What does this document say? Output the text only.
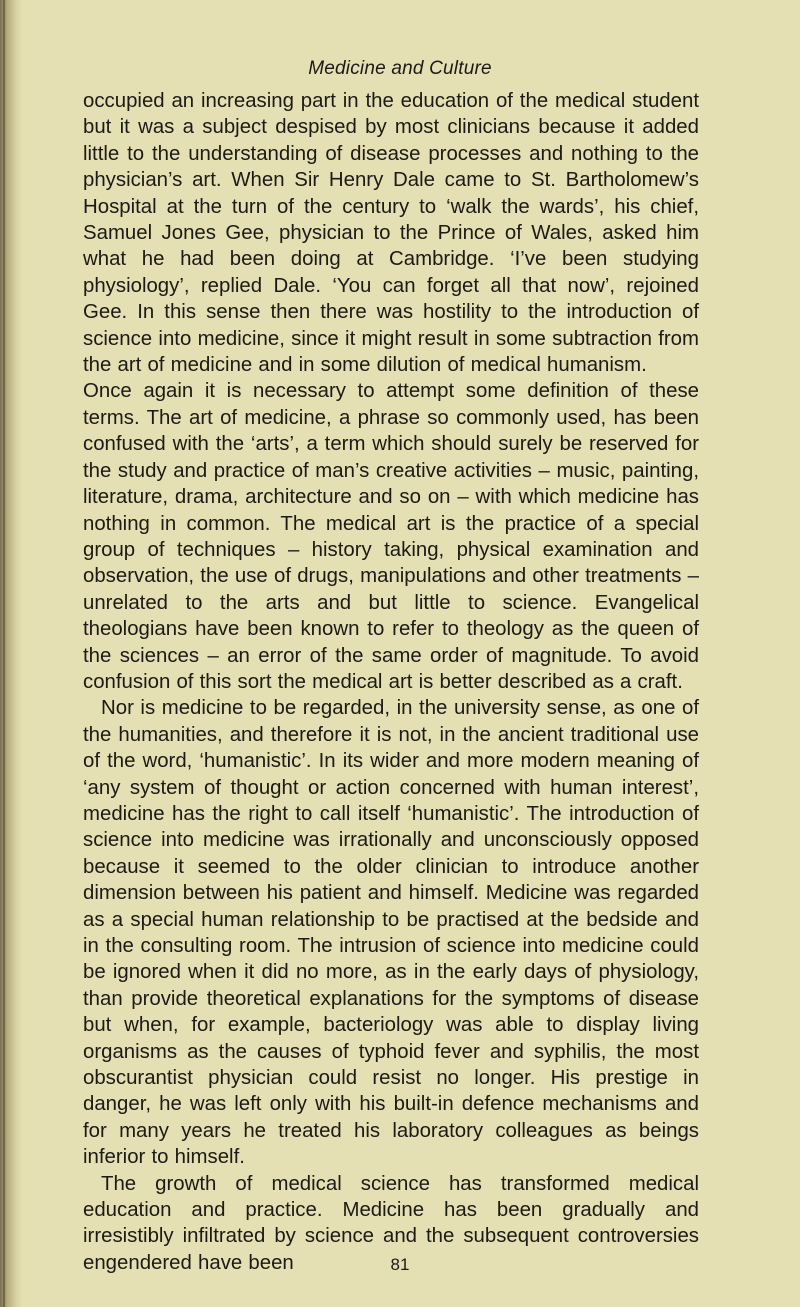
Medicine and Culture

occupied an increasing part in the education of the medical student but it was a subject despised by most clinicians because it added little to the understanding of disease processes and nothing to the physician’s art. When Sir Henry Dale came to St. Bartholomew’s Hospital at the turn of the century to ‘walk the wards’, his chief, Samuel Jones Gee, physician to the Prince of Wales, asked him what he had been doing at Cambridge. ‘I’ve been studying physiology’, replied Dale. ‘You can forget all that now’, rejoined Gee. In this sense then there was hostility to the introduction of science into medicine, since it might result in some subtraction from the art of medicine and in some dilution of medical humanism.

Once again it is necessary to attempt some definition of these terms. The art of medicine, a phrase so commonly used, has been confused with the ‘arts’, a term which should surely be reserved for the study and practice of man’s creative activities – music, painting, literature, drama, architecture and so on – with which medicine has nothing in common. The medical art is the practice of a special group of techniques – history taking, physical examination and observation, the use of drugs, manipulations and other treatments – unrelated to the arts and but little to science. Evangelical theologians have been known to refer to theology as the queen of the sciences – an error of the same order of magnitude. To avoid confusion of this sort the medical art is better described as a craft.

Nor is medicine to be regarded, in the university sense, as one of the humanities, and therefore it is not, in the ancient traditional use of the word, ‘humanistic’. In its wider and more modern meaning of ‘any system of thought or action concerned with human interest’, medicine has the right to call itself ‘humanistic’. The introduction of science into medicine was irrationally and unconsciously opposed because it seemed to the older clinician to introduce another dimension between his patient and himself. Medicine was regarded as a special human relationship to be practised at the bedside and in the consulting room. The intrusion of science into medicine could be ignored when it did no more, as in the early days of physiology, than provide theoretical explanations for the symptoms of disease but when, for example, bacteriology was able to display living organisms as the causes of typhoid fever and syphilis, the most obscurantist physician could resist no longer. His prestige in danger, he was left only with his built-in defence mechanisms and for many years he treated his laboratory colleagues as beings inferior to himself.

The growth of medical science has transformed medical education and practice. Medicine has been gradually and irresistibly infiltrated by science and the subsequent controversies engendered have been	81
